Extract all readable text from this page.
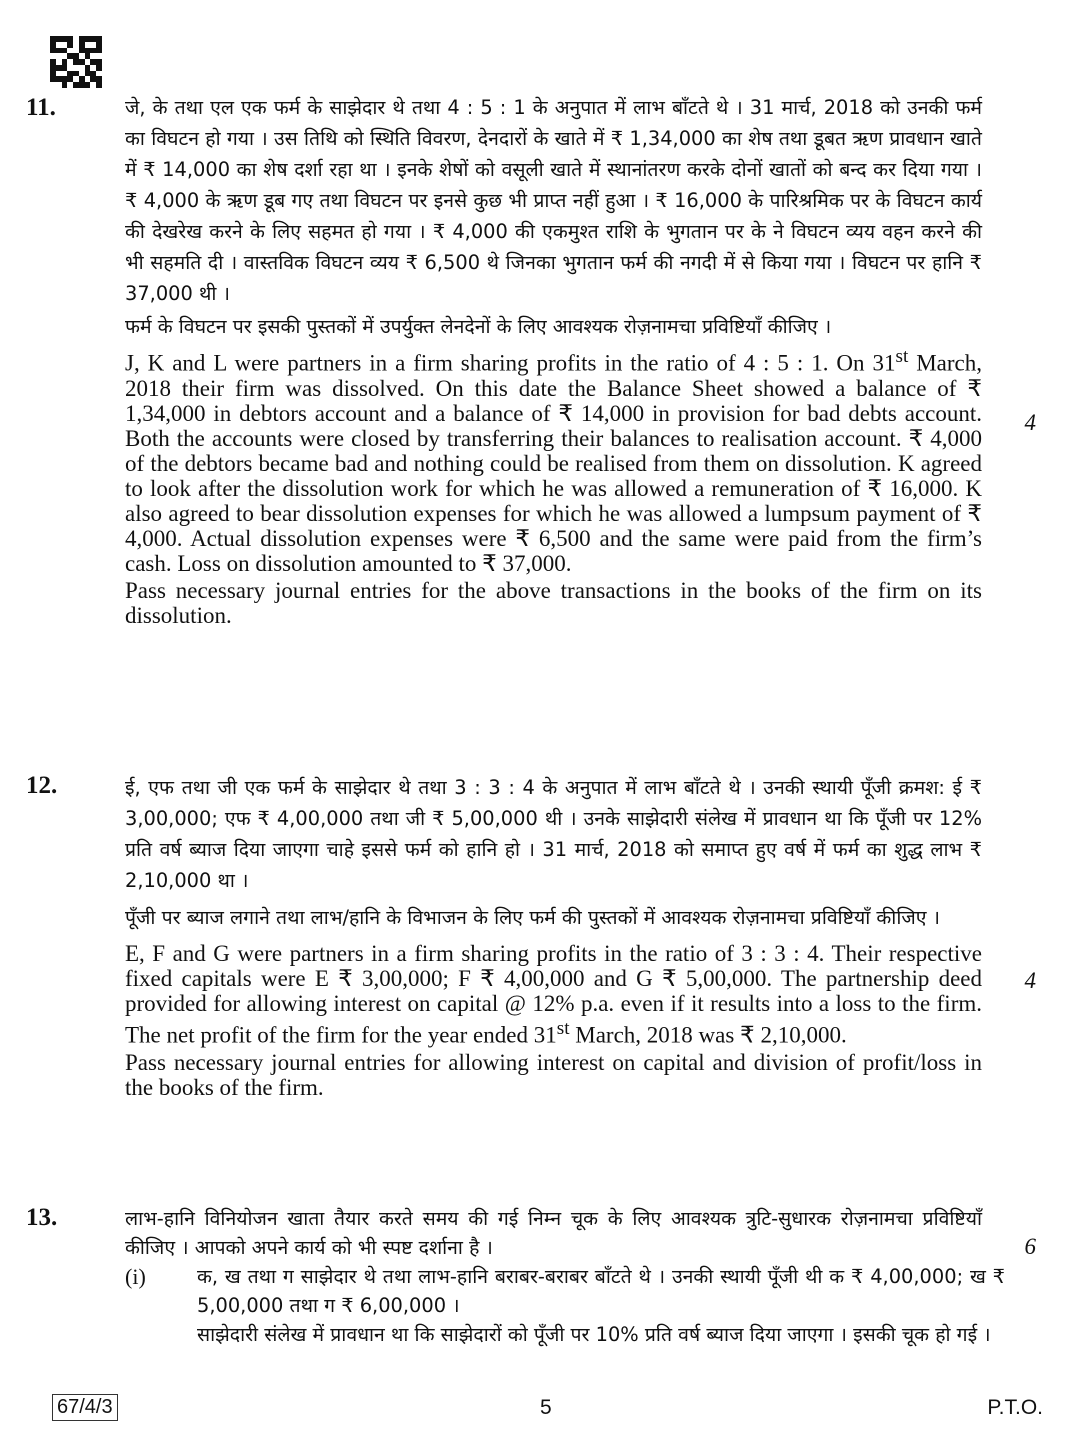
11.	जे, के तथा एल एक फर्म के साझेदार थे तथा 4 : 5 : 1 के अनुपात में लाभ बाँटते थे । 31 मार्च, 2018 को उनकी फर्म का विघटन हो गया । उस तिथि को स्थिति विवरण, देनदारों के खाते में ₹ 1,34,000 का शेष तथा डूबत ऋण प्रावधान खाते में ₹ 14,000 का शेष दर्शा रहा था । इनके शेषों को वसूली खाते में स्थानांतरण करके दोनों खातों को बन्द कर दिया गया । ₹ 4,000 के ऋण डूब गए तथा विघटन पर इनसे कुछ भी प्राप्त नहीं हुआ । ₹ 16,000 के पारिश्रमिक पर के विघटन कार्य की देखरेख करने के लिए सहमत हो गया । ₹ 4,000 की एकमुश्त राशि के भुगतान पर के ने विघटन व्यय वहन करने की भी सहमति दी । वास्तविक विघटन व्यय ₹ 6,500 थे जिनका भुगतान फर्म की नगदी में से किया गया । विघटन पर हानि ₹ 37,000 थी ।

फर्म के विघटन पर इसकी पुस्तकों में उपर्युक्त लेनदेनों के लिए आवश्यक रोज़नामचा प्रविष्टियाँ कीजिए ।

4

J, K and L were partners in a firm sharing profits in the ratio of 4 : 5 : 1. On 31st March, 2018 their firm was dissolved. On this date the Balance Sheet showed a balance of ₹ 1,34,000 in debtors account and a balance of ₹ 14,000 in provision for bad debts account. Both the accounts were closed by transferring their balances to realisation account. ₹ 4,000 of the debtors became bad and nothing could be realised from them on dissolution. K agreed to look after the dissolution work for which he was allowed a remuneration of ₹ 16,000. K also agreed to bear dissolution expenses for which he was allowed a lumpsum payment of ₹ 4,000. Actual dissolution expenses were ₹ 6,500 and the same were paid from the firm’s cash. Loss on dissolution amounted to ₹ 37,000.

Pass necessary journal entries for the above transactions in the books of the firm on its dissolution.

12.	ई, एफ तथा जी एक फर्म के साझेदार थे तथा 3 : 3 : 4 के अनुपात में लाभ बाँटते थे । उनकी स्थायी पूँजी क्रमश: ई ₹ 3,00,000; एफ ₹ 4,00,000 तथा जी ₹ 5,00,000 थी । उनके साझेदारी संलेख में प्रावधान था कि पूँजी पर 12% प्रति वर्ष ब्याज दिया जाएगा चाहे इससे फर्म को हानि हो । 31 मार्च, 2018 को समाप्त हुए वर्ष में फर्म का शुद्ध लाभ ₹ 2,10,000 था ।

पूँजी पर ब्याज लगाने तथा लाभ/हानि के विभाजन के लिए फर्म की पुस्तकों में आवश्यक रोज़नामचा प्रविष्टियाँ कीजिए ।

4

E, F and G were partners in a firm sharing profits in the ratio of 3 : 3 : 4. Their respective fixed capitals were E ₹ 3,00,000; F ₹ 4,00,000 and G ₹ 5,00,000. The partnership deed provided for allowing interest on capital @ 12% p.a. even if it results into a loss to the firm. The net profit of the firm for the year ended 31st March, 2018 was ₹ 2,10,000.

Pass necessary journal entries for allowing interest on capital and division of profit/loss in the books of the firm.

13.	लाभ-हानि विनियोजन खाता तैयार करते समय की गई निम्न चूक के लिए आवश्यक त्रुटि-सुधारक रोज़नामचा प्रविष्टियाँ कीजिए । आपको अपने कार्य को भी स्पष्ट दर्शाना है ।	6
(i)	क, ख तथा ग साझेदार थे तथा लाभ-हानि बराबर-बराबर बाँटते थे । उनकी स्थायी पूँजी थी क ₹ 4,00,000; ख ₹ 5,00,000 तथा ग ₹ 6,00,000 ।
साझेदारी संलेख में प्रावधान था कि साझेदारों को पूँजी पर 10% प्रति वर्ष ब्याज दिया जाएगा । इसकी चूक हो गई ।
67/4/3	5	P.T.O.
